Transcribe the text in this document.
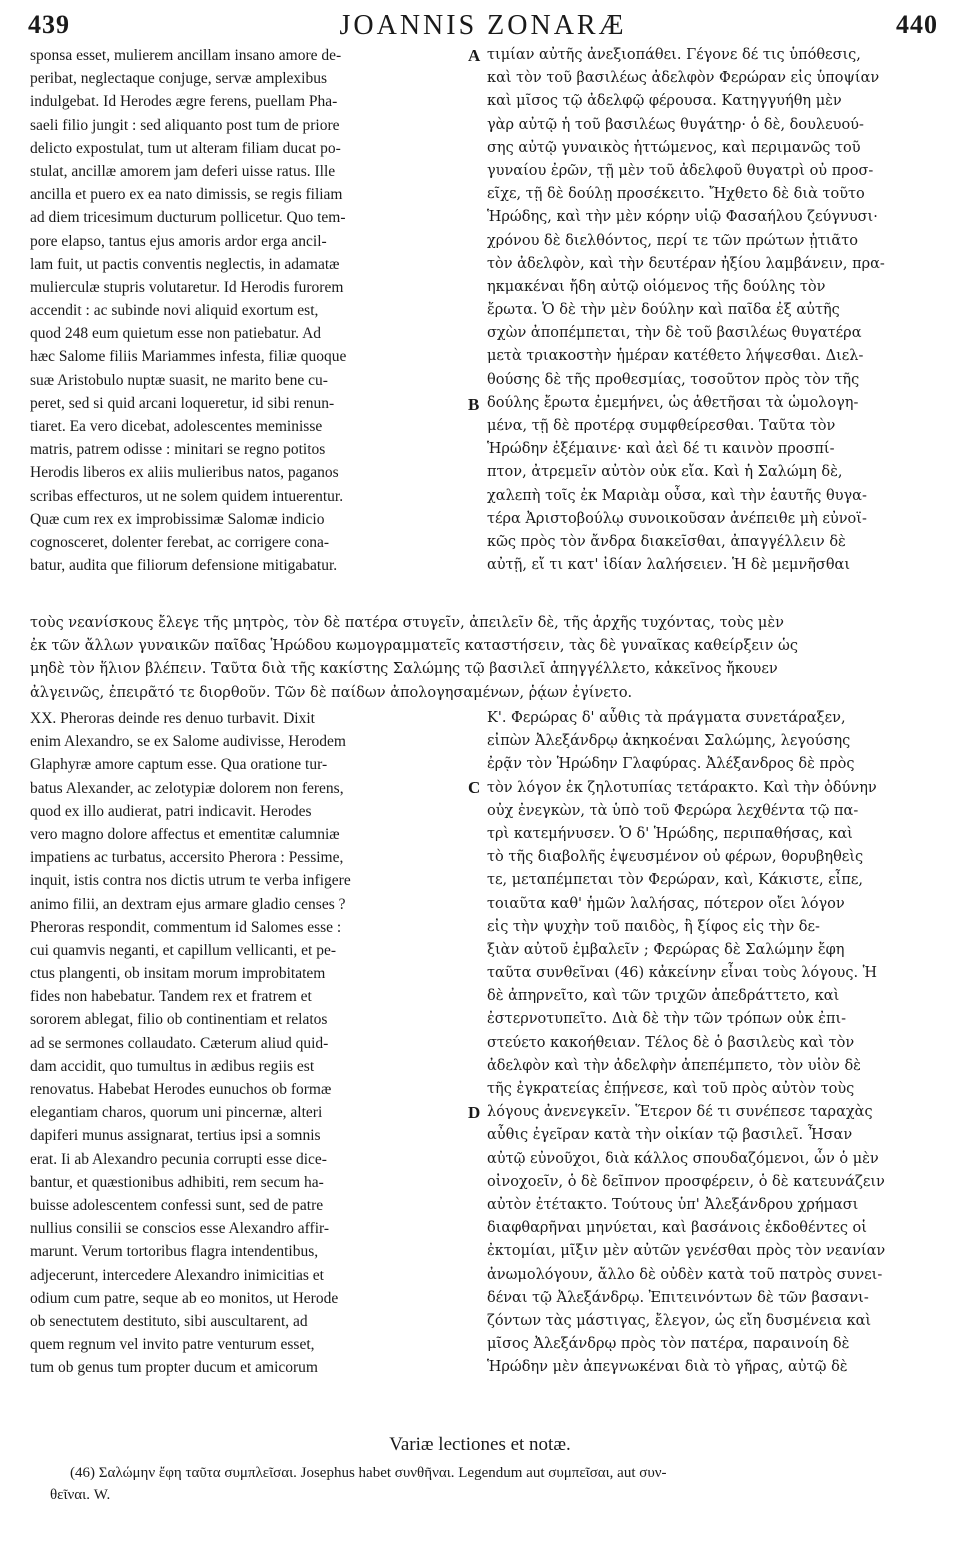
439	JOANNIS ZONARÆ	440
sponsa esset, mulierem ancillam insano amore de-
peribat, neglectaque conjuge, servæ amplexibus
indulgebat. Id Herodes ægre ferens, puellam Pha-
saeli filio jungit : sed aliquanto post tum de priore
delicto expostulat, tum ut alteram filiam ducat po-
stulat, ancillæ amorem jam deferi uisse ratus. Ille
ancilla et puero ex ea nato dimissis, se regis filiam
ad diem tricesimum ducturum pollicetur. Quo tem-
pore elapso, tantus ejus amoris ardor erga ancil-
lam fuit, ut pactis conventis neglectis, in adamatæ
mulierculæ stupris volutaretur. Id Herodis furorem
accendit : ac subinde novi aliquid exortum est,
quod 248 eum quietum esse non patiebatur. Ad
hæc Salome filiis Mariammes infesta, filiæ quoque
suæ Aristobulo nuptæ suasit, ne marito bene cu-
peret, sed si quid arcani loqueretur, id sibi renun-
tiaret. Ea vero dicebat, adolescentes meminisse
matris, patrem odisse : minitari se regno potitos
Herodis liberos ex aliis mulieribus natos, paganos
scribas effecturos, ut ne solem quidem intuerentur.
Quæ cum rex ex improbissimæ Salomæ indicio
cognosceret, dolenter ferebat, ac corrigere cona-
batur, audita que filiorum defensione mitigabatur.
τιμίαν αὐτῆς ἀνεξιοπάθει. Γέγονε δέ τις ὑπόθεσις,
καὶ τὸν τοῦ βασιλέως ἀδελφὸν Φερώραν εἰς ὑποψίαν
καὶ μῖσος τῷ ἀδελφῷ φέρουσα. Κατηγγυήθη μὲν
γὰρ αὐτῷ ἡ τοῦ βασιλέως θυγάτηρ· ὁ δὲ, δουλευού-
σης αὐτῷ γυναικὸς ἡττώμενος, καὶ περιμανῶς τοῦ
γυναίου ἐρῶν, τῇ μὲν τοῦ ἀδελφοῦ θυγατρὶ οὐ προσ-
εῖχε, τῇ δὲ δούλῃ προσέκειτο. Ἤχθετο δὲ διὰ τοῦτο
Ἡρώδης, καὶ τὴν μὲν κόρην υἱῷ Φασαήλου ζεύγνυσι·
χρόνου δὲ διελθόντος, περί τε τῶν πρώτων ᾐτιᾶτο
τὸν ἀδελφὸν, καὶ τὴν δευτέραν ἠξίου λαμβάνειν, πρα-
ηκμακέναι ἤδη αὐτῷ οἰόμενος τῆς δούλης τὸν
ἔρωτα. Ὁ δὲ τὴν μὲν δούλην καὶ παῖδα ἐξ αὐτῆς
σχὼν ἀποπέμπεται, τὴν δὲ τοῦ βασιλέως θυγατέρα
μετὰ τριακοστὴν ἡμέραν κατέθετο λήψεσθαι. Διελ-
θούσης δὲ τῆς προθεσμίας, τοσοῦτον πρὸς τὸν τῆς
δούλης ἔρωτα ἐμεμήνει, ὡς ἀθετῆσαι τὰ ὡμολογη-
μένα, τῇ δὲ προτέρᾳ συμφθείρεσθαι. Ταῦτα τὸν
Ἡρώδην ἐξέμαινε· καὶ ἀεὶ δέ τι καινὸν προσπί-
πτον, ἀτρεμεῖν αὐτὸν οὐκ εἴα. Καὶ ἡ Σαλώμη δὲ,
χαλεπὴ τοῖς ἐκ Μαριὰμ οὖσα, καὶ τὴν ἑαυτῆς θυγα-
τέρα Ἀριστοβούλῳ συνοικοῦσαν ἀνέπειθε μὴ εὐνοϊ-
κῶς πρὸς τὸν ἄνδρα διακεῖσθαι, ἀπαγγέλλειν δὲ
αὐτῇ, εἴ τι κατ' ἰδίαν λαλήσειεν. Ἡ δὲ μεμνῆσθαι
A
B
τοὺς νεανίσκους ἔλεγε τῆς μητρὸς, τὸν δὲ πατέρα στυγεῖν, ἀπειλεῖν δὲ, τῆς ἀρχῆς τυχόντας, τοὺς μὲν
ἐκ τῶν ἄλλων γυναικῶν παῖδας Ἡρώδου κωμογραμματεῖς καταστήσειν, τὰς δὲ γυναῖκας καθείρξειν ὡς
μηδὲ τὸν ἥλιον βλέπειν. Ταῦτα διὰ τῆς κακίστης Σαλώμης τῷ βασιλεῖ ἀπηγγέλλετο, κἀκεῖνος ἤκουεν
ἀλγεινῶς, ἐπειρᾶτό τε διορθοῦν. Τῶν δὲ παίδων ἀπολογησαμένων, ῥᾴων ἐγίνετο.
XX. Pheroras deinde res denuo turbavit. Dixit
enim Alexandro, se ex Salome audivisse, Herodem
Glaphyræ amore captum esse. Qua oratione tur-
batus Alexander, ac zelotypiæ dolorem non ferens,
quod ex illo audierat, patri indicavit. Herodes
vero magno dolore affectus et ementitæ calumniæ
impatiens ac turbatus, accersito Pherora : Pessime,
inquit, istis contra nos dictis utrum te verba infigere
animo filii, an dextram ejus armare gladio censes ?
Pheroras respondit, commentum id Salomes esse :
cui quamvis neganti, et capillum vellicanti, et pe-
ctus plangenti, ob insitam morum improbitatem
fides non habebatur. Tandem rex et fratrem et
sororem ablegat, filio ob continentiam et relatos
ad se sermones collaudato. Cæterum aliud quid-
dam accidit, quo tumultus in ædibus regiis est
renovatus. Habebat Herodes eunuchos ob formæ
elegantiam charos, quorum uni pincernæ, alteri
dapiferi munus assignarat, tertius ipsi a somnis
erat. Ii ab Alexandro pecunia corrupti esse dice-
bantur, et quæstionibus adhibiti, rem secum ha-
buisse adolescentem confessi sunt, sed de patre
nullius consilii se conscios esse Alexandro affir-
marunt. Verum tortoribus flagra intendentibus,
adjecerunt, intercedere Alexandro inimicitias et
odium cum patre, seque ab eo monitos, ut Herode
ob senectutem destituto, sibi auscultarent, ad
quem regnum vel invito patre venturum esset,
tum ob genus tum propter ducum et amicorum
Κ'. Φερώρας δ' αὖθις τὰ πράγματα συνετάραξεν,
εἰπὼν Ἀλεξάνδρῳ ἀκηκοέναι Σαλώμης, λεγούσης
ἐρᾷν τὸν Ἡρώδην Γλαφύρας. Ἀλέξανδρος δὲ πρὸς
τὸν λόγον ἐκ ζηλοτυπίας τετάρακτο. Καὶ τὴν ὀδύνην
οὐχ ἐνεγκὼν, τὰ ὑπὸ τοῦ Φερώρα λεχθέντα τῷ πα-
τρὶ κατεμήνυσεν. Ὁ δ' Ἡρώδης, περιπαθήσας, καὶ
τὸ τῆς διαβολῆς ἐψευσμένον οὐ φέρων, θορυβηθεὶς
τε, μεταπέμπεται τὸν Φερώραν, καὶ, Κάκιστε, εἶπε,
τοιαῦτα καθ' ἡμῶν λαλήσας, πότερον οἴει λόγον
εἰς τὴν ψυχὴν τοῦ παιδὸς, ἢ ξίφος εἰς τὴν δε-
ξιὰν αὐτοῦ ἐμβαλεῖν ; Φερώρας δὲ Σαλώμην ἔφη
ταῦτα συνθεῖναι (46) κἀκείνην εἶναι τοὺς λόγους. Ἡ
δὲ ἀπηρνεῖτο, καὶ τῶν τριχῶν ἀπεδράττετο, καὶ
ἐστερνοτυπεῖτο. Διὰ δὲ τὴν τῶν τρόπων οὐκ ἐπι-
στεύετο κακοήθειαν. Τέλος δὲ ὁ βασιλεὺς καὶ τὸν
ἀδελφὸν καὶ τὴν ἀδελφὴν ἀπεπέμπετο, τὸν υἱὸν δὲ
τῆς ἐγκρατείας ἐπῄνεσε, καὶ τοῦ πρὸς αὐτὸν τοὺς
λόγους ἀνενεγκεῖν. Ἕτερον δέ τι συνέπεσε ταραχὰς
αὖθις ἐγεῖραν κατὰ τὴν οἰκίαν τῷ βασιλεῖ. Ἦσαν
αὐτῷ εὐνοῦχοι, διὰ κάλλος σπουδαζόμενοι, ὧν ὁ μὲν
οἰνοχοεῖν, ὁ δὲ δεῖπνον προσφέρειν, ὁ δὲ κατευνάζειν
αὐτὸν ἐτέτακτο. Τούτους ὑπ' Ἀλεξάνδρου χρήμασι
διαφθαρῆναι μηνύεται, καὶ βασάνοις ἐκδοθέντες οἱ
ἐκτομίαι, μῖξιν μὲν αὐτῶν γενέσθαι πρὸς τὸν νεανίαν
ἀνωμολόγουν, ἄλλο δὲ οὐδὲν κατὰ τοῦ πατρὸς συνει-
δέναι τῷ Ἀλεξάνδρῳ. Ἐπιτεινόντων δὲ τῶν βασανι-
ζόντων τὰς μάστιγας, ἔλεγον, ὡς εἴη δυσμένεια καὶ
μῖσος Ἀλεξάνδρῳ πρὸς τὸν πατέρα, παραινοίη δὲ
Ἡρώδην μὲν ἀπεγνωκέναι διὰ τὸ γῆρας, αὐτῷ δὲ
C
D
Variæ lectiones et notæ.
(46) Σαλώμην ἔφη ταῦτα συμπλεῖσαι. Josephus habet συνθῆναι. Legendum aut συμπεῖσαι, aut συν-
θεῖναι. W.
